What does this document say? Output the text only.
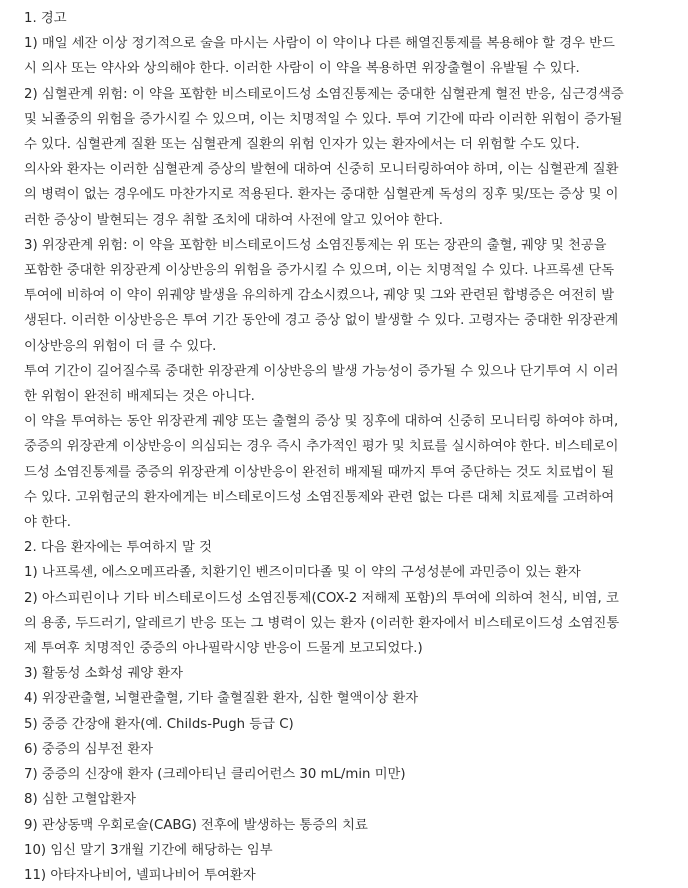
1. 경고
1) 매일 세잔 이상 정기적으로 술을 마시는 사람이 이 약이나 다른 해열진통제를 복용해야 할 경우 반드
시 의사 또는 약사와 상의해야 한다. 이러한 사람이 이 약을 복용하면 위장출혈이 유발될 수 있다.
2) 심혈관계 위험: 이 약을 포함한 비스테로이드성 소염진통제는 중대한 심혈관계 혈전 반응, 심근경색증
및 뇌졸중의 위험을 증가시킬 수 있으며, 이는 치명적일 수 있다. 투여 기간에 따라 이러한 위험이 증가될
수 있다. 심혈관계 질환 또는 심혈관계 질환의 위험 인자가 있는 환자에서는 더 위험할 수도 있다.
의사와 환자는 이러한 심혈관계 증상의 발현에 대하여 신중히 모니터링하여야 하며, 이는 심혈관계 질환
의 병력이 없는 경우에도 마찬가지로 적용된다. 환자는 중대한 심혈관계 독성의 징후 및/또는 증상 및 이
러한 증상이 발현되는 경우 취할 조치에 대하여 사전에 알고 있어야 한다.
3) 위장관계 위험: 이 약을 포함한 비스테로이드성 소염진통제는 위 또는 장관의 출혈, 궤양 및 천공을
포함한 중대한 위장관계 이상반응의 위험을 증가시킬 수 있으며, 이는 치명적일 수 있다. 나프록센 단독
투여에 비하여 이 약이 위궤양 발생을 유의하게 감소시켰으나, 궤양 및 그와 관련된 합병증은 여전히 발
생된다. 이러한 이상반응은 투여 기간 동안에 경고 증상 없이 발생할 수 있다. 고령자는 중대한 위장관계
이상반응의 위험이 더 클 수 있다.
투여 기간이 길어질수록 중대한 위장관계 이상반응의 발생 가능성이 증가될 수 있으나 단기투여 시 이러
한 위험이 완전히 배제되는 것은 아니다.
이 약을 투여하는 동안 위장관계 궤양 또는 출혈의 증상 및 징후에 대하여 신중히 모니터링 하여야 하며,
중증의 위장관계 이상반응이 의심되는 경우 즉시 추가적인 평가 및 치료를 실시하여야 한다. 비스테로이
드성 소염진통제를 중증의 위장관계 이상반응이 완전히 배제될 때까지 투여 중단하는 것도 치료법이 될
수 있다. 고위험군의 환자에게는 비스테로이드성 소염진통제와 관련 없는 다른 대체 치료제를 고려하여
야 한다.
2. 다음 환자에는 투여하지 말 것
1) 나프록센, 에스오메프라졸, 치환기인 벤즈이미다졸 및 이 약의 구성성분에 과민증이 있는 환자
2) 아스피린이나 기타 비스테로이드성 소염진통제(COX-2 저해제 포함)의 투여에 의하여 천식, 비염, 코
의 용종, 두드러기, 알레르기 반응 또는 그 병력이 있는 환자 (이러한 환자에서 비스테로이드성 소염진통
제 투여후 치명적인 중증의 아나필락시양 반응이 드물게 보고되었다.)
3) 활동성 소화성 궤양 환자
4) 위장관출혈, 뇌혈관출혈, 기타 출혈질환 환자, 심한 혈액이상 환자
5) 중증 간장애 환자(예. Childs-Pugh 등급 C)
6) 중증의 심부전 환자
7) 중증의 신장애 환자 (크레아티닌 클리어런스 30 mL/min 미만)
8) 심한 고혈압환자
9) 관상동맥 우회로술(CABG) 전후에 발생하는 통증의 치료
10) 임신 말기 3개월 기간에 해당하는 임부
11) 아타자나비어, 넬피나비어 투여환자
